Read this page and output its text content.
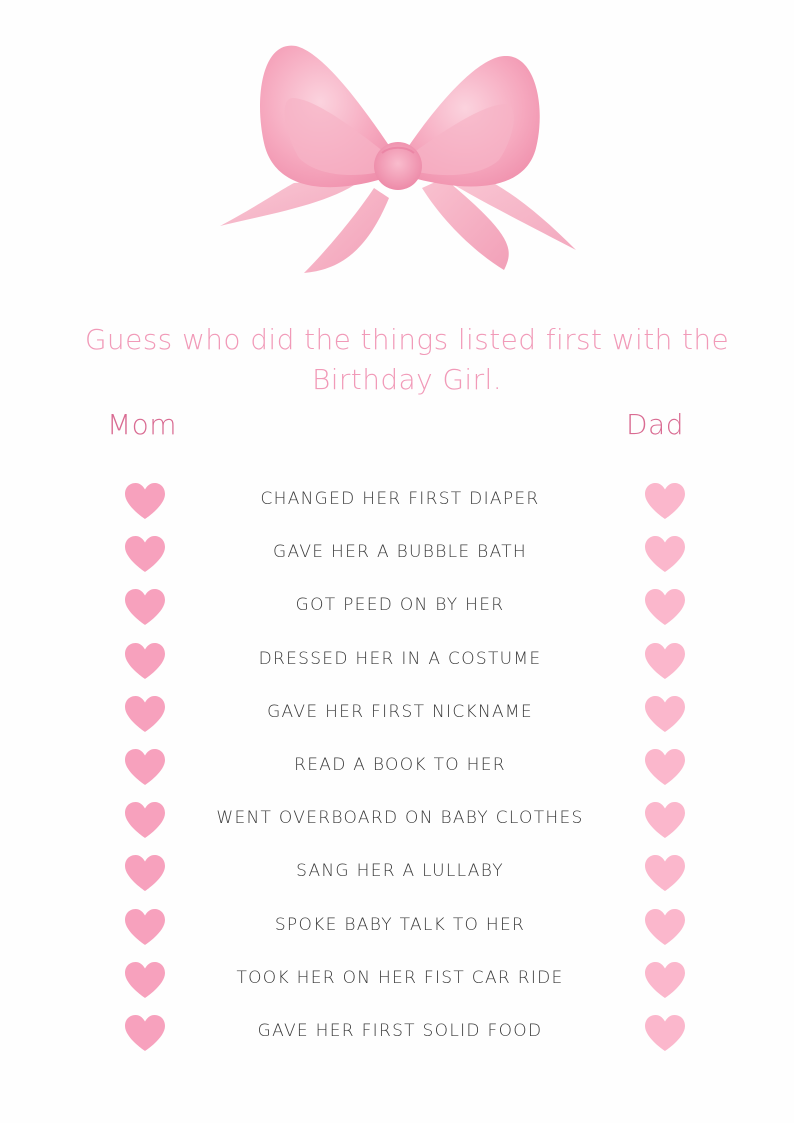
Guess who did the things listed first with the Birthday Girl.
Mom	Dad
CHANGED HER FIRST DIAPER
GAVE HER A BUBBLE BATH
GOT PEED ON BY HER
DRESSED HER IN A COSTUME
GAVE HER FIRST NICKNAME
READ A BOOK TO HER
WENT OVERBOARD ON BABY CLOTHES
SANG HER A LULLABY
SPOKE BABY TALK TO HER
TOOK HER ON HER FIST CAR RIDE
GAVE HER FIRST SOLID FOOD
